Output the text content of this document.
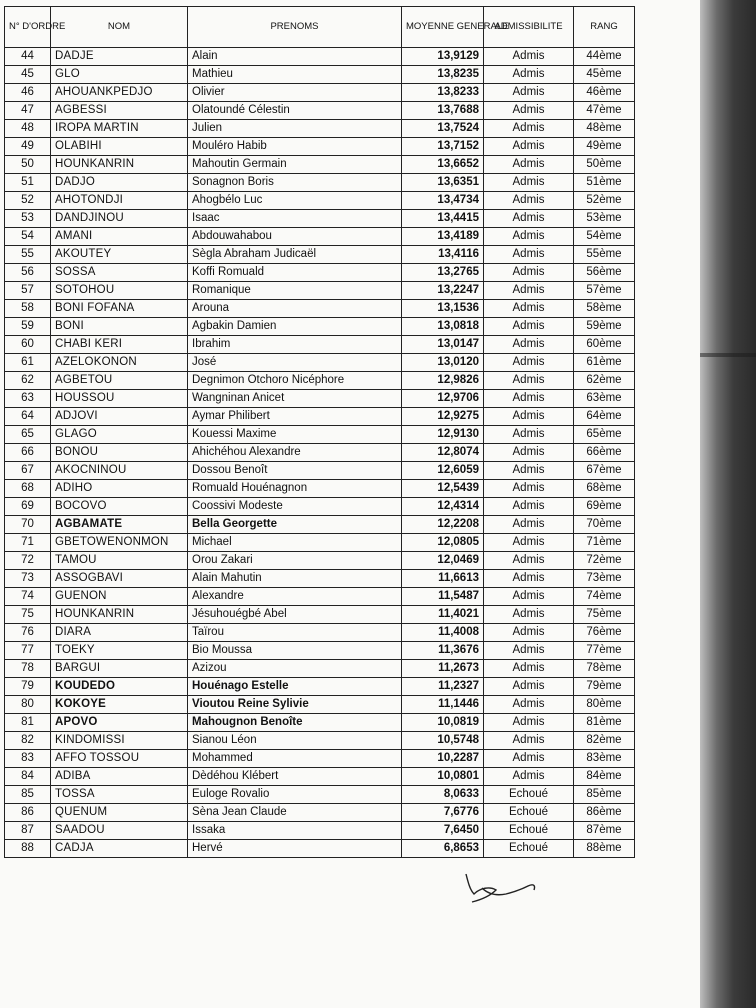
N° D'ORDRE	NOM	PRENOMS	MOYENNE GENERALE	ADMISSIBILITE	RANG
44	DADJE	Alain	13,9129	Admis	44ème
45	GLO	Mathieu	13,8235	Admis	45ème
46	AHOUANKPEDJO	Olivier	13,8233	Admis	46ème
47	AGBESSI	Olatoundé Célestin	13,7688	Admis	47ème
48	IROPA MARTIN	Julien	13,7524	Admis	48ème
49	OLABIHI	Mouléro Habib	13,7152	Admis	49ème
50	HOUNKANRIN	Mahoutin Germain	13,6652	Admis	50ème
51	DADJO	Sonagnon Boris	13,6351	Admis	51ème
52	AHOTONDJI	Ahogbélo Luc	13,4734	Admis	52ème
53	DANDJINOU	Isaac	13,4415	Admis	53ème
54	AMANI	Abdouwahabou	13,4189	Admis	54ème
55	AKOUTEY	Sègla Abraham Judicaël	13,4116	Admis	55ème
56	SOSSA	Koffi Romuald	13,2765	Admis	56ème
57	SOTOHOU	Romanique	13,2247	Admis	57ème
58	BONI FOFANA	Arouna	13,1536	Admis	58ème
59	BONI	Agbakin Damien	13,0818	Admis	59ème
60	CHABI KERI	Ibrahim	13,0147	Admis	60ème
61	AZELOKONON	José	13,0120	Admis	61ème
62	AGBETOU	Degnimon Otchoro Nicéphore	12,9826	Admis	62ème
63	HOUSSOU	Wangninan Anicet	12,9706	Admis	63ème
64	ADJOVI	Aymar Philibert	12,9275	Admis	64ème
65	GLAGO	Kouessi Maxime	12,9130	Admis	65ème
66	BONOU	Ahichéhou Alexandre	12,8074	Admis	66ème
67	AKOCNINOU	Dossou Benoît	12,6059	Admis	67ème
68	ADIHO	Romuald Houénagnon	12,5439	Admis	68ème
69	BOCOVO	Coossivi Modeste	12,4314	Admis	69ème
70	AGBAMATE	Bella Georgette	12,2208	Admis	70ème
71	GBETOWENONMON	Michael	12,0805	Admis	71ème
72	TAMOU	Orou Zakari	12,0469	Admis	72ème
73	ASSOGBAVI	Alain Mahutin	11,6613	Admis	73ème
74	GUENON	Alexandre	11,5487	Admis	74ème
75	HOUNKANRIN	Jésuhouégbé Abel	11,4021	Admis	75ème
76	DIARA	Taïrou	11,4008	Admis	76ème
77	TOEKY	Bio Moussa	11,3676	Admis	77ème
78	BARGUI	Azizou	11,2673	Admis	78ème
79	KOUDEDO	Houénago Estelle	11,2327	Admis	79ème
80	KOKOYE	Vioutou Reine Sylivie	11,1446	Admis	80ème
81	APOVO	Mahougnon Benoîte	10,0819	Admis	81ème
82	KINDOMISSI	Sianou Léon	10,5748	Admis	82ème
83	AFFO TOSSOU	Mohammed	10,2287	Admis	83ème
84	ADIBA	Dèdéhou Klébert	10,0801	Admis	84ème
85	TOSSA	Euloge Rovalio	8,0633	Echoué	85ème
86	QUENUM	Sèna Jean Claude	7,6776	Echoué	86ème
87	SAADOU	Issaka	7,6450	Echoué	87ème
88	CADJA	Hervé	6,8653	Echoué	88ème
